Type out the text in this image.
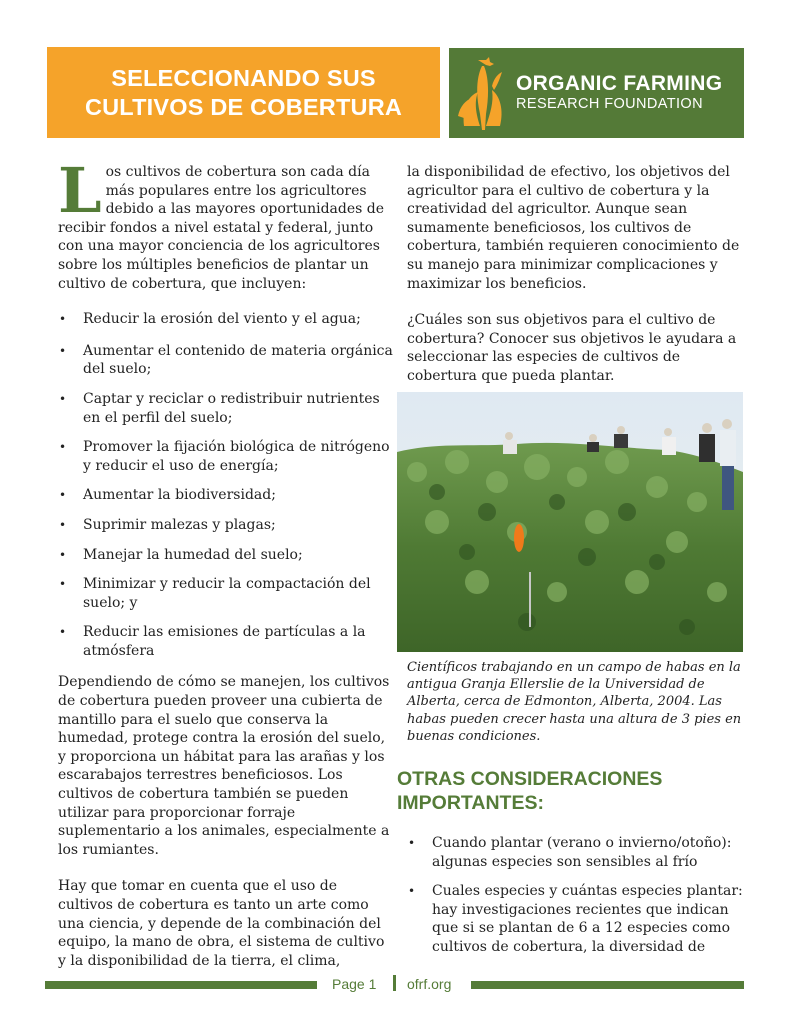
SELECCIONANDO SUS
CULTIVOS DE COBERTURA
ORGANIC FARMING
RESEARCH FOUNDATION

Los cultivos de cobertura son cada día más populares entre los agricultores debido a las mayores oportunidades de recibir fondos a nivel estatal y federal, junto con una mayor conciencia de los agricultores sobre los múltiples beneficios de plantar un cultivo de cobertura, que incluyen:

• Reducir la erosión del viento y el agua;
• Aumentar el contenido de materia orgánica del suelo;
• Captar y reciclar o redistribuir nutrientes en el perfil del suelo;
• Promover la fijación biológica de nitrógeno y reducir el uso de energía;
• Aumentar la biodiversidad;
• Suprimir malezas y plagas;
• Manejar la humedad del suelo;
• Minimizar y reducir la compactación del suelo; y
• Reducir las emisiones de partículas a la atmósfera

Dependiendo de cómo se manejen, los cultivos de cobertura pueden proveer una cubierta de mantillo para el suelo que conserva la humedad, protege contra la erosión del suelo, y proporciona un hábitat para las arañas y los escarabajos terrestres beneficiosos. Los cultivos de cobertura también se pueden utilizar para proporcionar forraje suplementario a los animales, especialmente a los rumiantes.

Hay que tomar en cuenta que el uso de cultivos de cobertura es tanto un arte como una ciencia, y depende de la combinación del equipo, la mano de obra, el sistema de cultivo y la disponibilidad de la tierra, el clima,

la disponibilidad de efectivo, los objetivos del agricultor para el cultivo de cobertura y la creatividad del agricultor. Aunque sean sumamente beneficiosos, los cultivos de cobertura, también requieren conocimiento de su manejo para minimizar complicaciones y maximizar los beneficios.

¿Cuáles son sus objetivos para el cultivo de cobertura? Conocer sus objetivos le ayudara a seleccionar las especies de cultivos de cobertura que pueda plantar.

Científicos trabajando en un campo de habas en la antigua Granja Ellerslie de la Universidad de Alberta, cerca de Edmonton, Alberta, 2004. Las habas pueden crecer hasta una altura de 3 pies en buenas condiciones.
OTRAS CONSIDERACIONES
IMPORTANTES:
• Cuando plantar (verano o invierno/otoño): algunas especies son sensibles al frío
• Cuales especies y cuántas especies plantar: hay investigaciones recientes que indican que si se plantan de 6 a 12 especies como cultivos de cobertura, la diversidad de
Page 1 ofrf.org
